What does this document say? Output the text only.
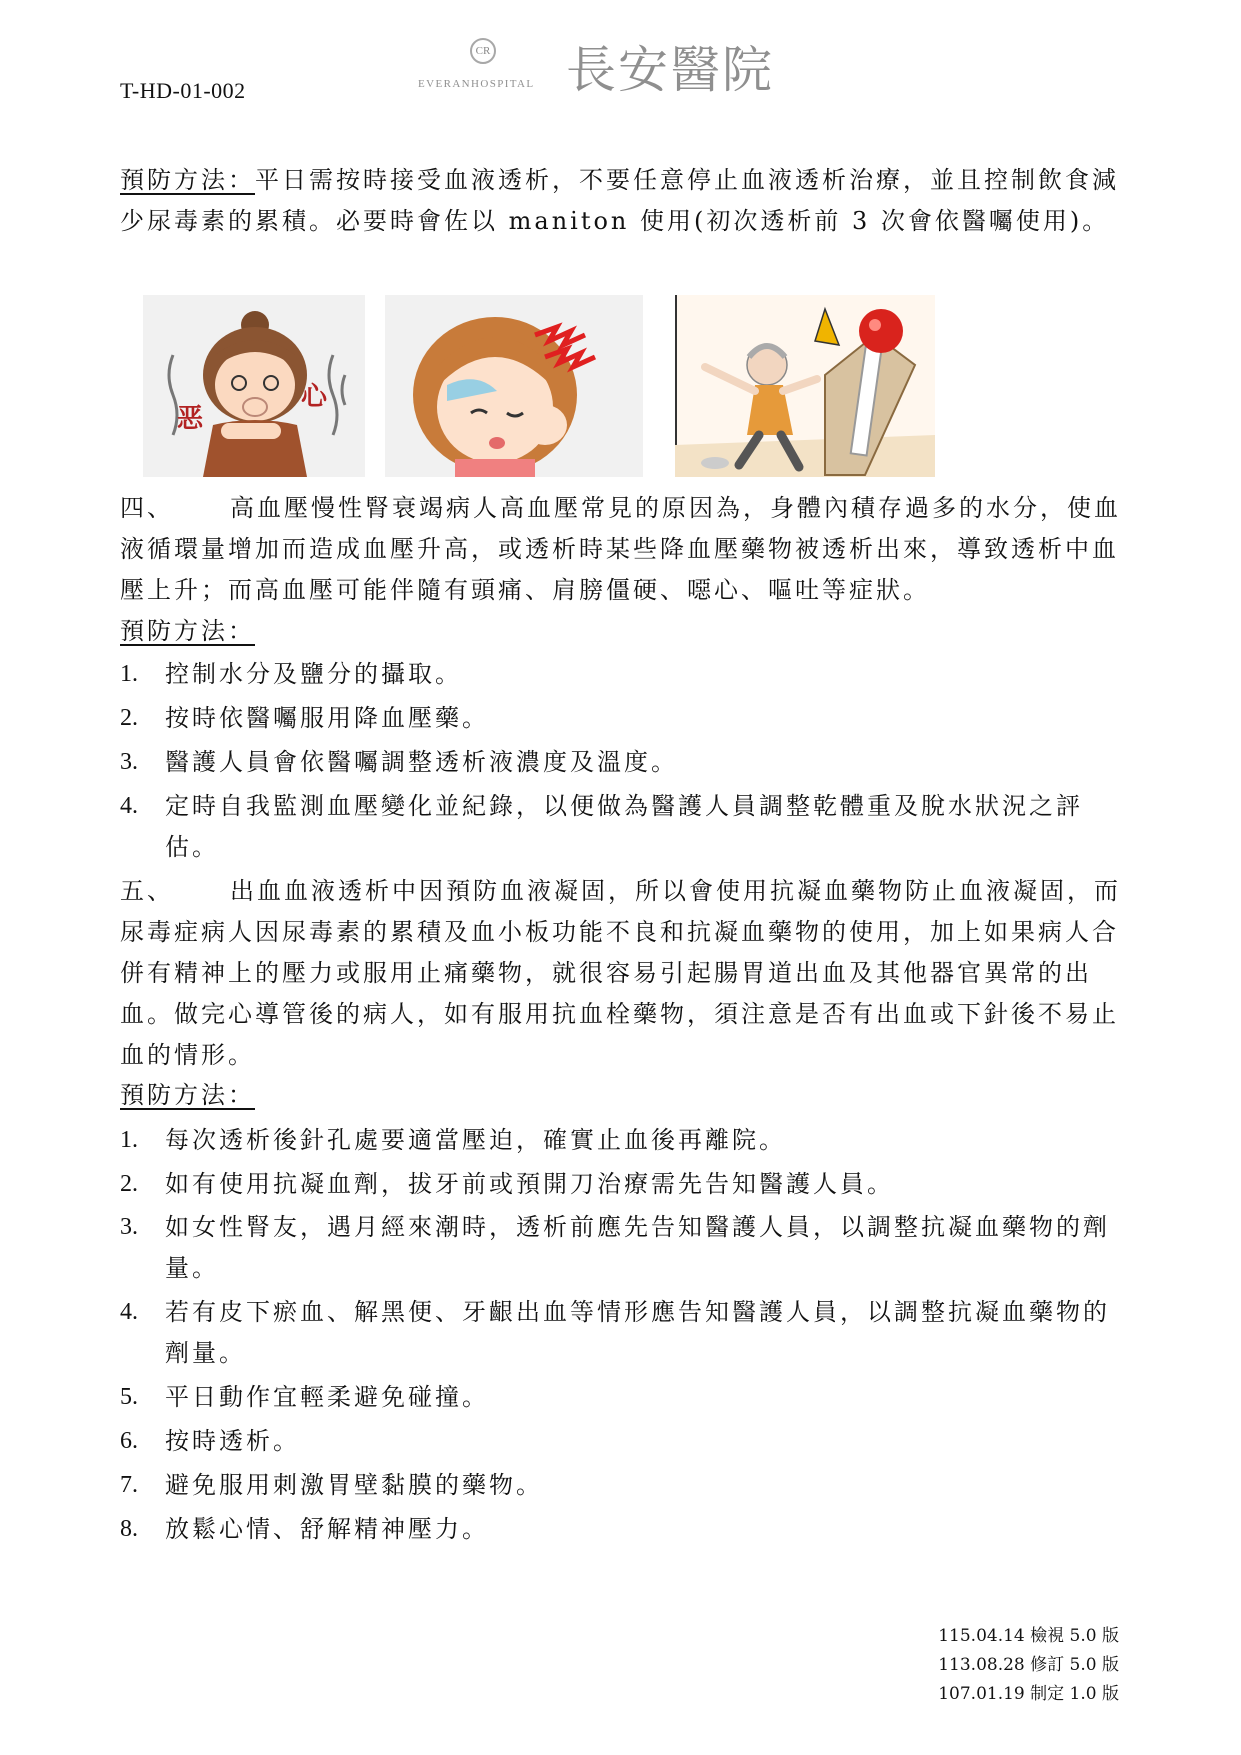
T-HD-01-002
CR
EVERANHOSPITAL 長安醫院

預防方法：平日需按時接受血液透析，不要任意停止血液透析治療，並且控制飲食減少尿毒素的累積。必要時會佐以 maniton 使用(初次透析前 3 次會依醫囑使用)。

恶
心

四、 高血壓慢性腎衰竭病人高血壓常見的原因為，身體內積存過多的水分，使血液循環量增加而造成血壓升高，或透析時某些降血壓藥物被透析出來，導致透析中血壓上升；而高血壓可能伴隨有頭痛、肩膀僵硬、噁心、嘔吐等症狀。

預防方法：
1. 控制水分及鹽分的攝取。
2. 按時依醫囑服用降血壓藥。
3. 醫護人員會依醫囑調整透析液濃度及溫度。
4. 定時自我監測血壓變化並紀錄，以便做為醫護人員調整乾體重及脫水狀況之評估。

五、 出血血液透析中因預防血液凝固，所以會使用抗凝血藥物防止血液凝固，而尿毒症病人因尿毒素的累積及血小板功能不良和抗凝血藥物的使用，加上如果病人合併有精神上的壓力或服用止痛藥物，就很容易引起腸胃道出血及其他器官異常的出血。做完心導管後的病人，如有服用抗血栓藥物，須注意是否有出血或下針後不易止血的情形。

預防方法：
1. 每次透析後針孔處要適當壓迫，確實止血後再離院。
2. 如有使用抗凝血劑，拔牙前或預開刀治療需先告知醫護人員。
3. 如女性腎友，遇月經來潮時，透析前應先告知醫護人員，以調整抗凝血藥物的劑量。
4. 若有皮下瘀血、解黑便、牙齦出血等情形應告知醫護人員，以調整抗凝血藥物的劑量。
5. 平日動作宜輕柔避免碰撞。
6. 按時透析。
7. 避免服用刺激胃壁黏膜的藥物。
8. 放鬆心情、舒解精神壓力。
115.04.14 檢視 5.0 版
113.08.28 修訂 5.0 版
107.01.19 制定 1.0 版
